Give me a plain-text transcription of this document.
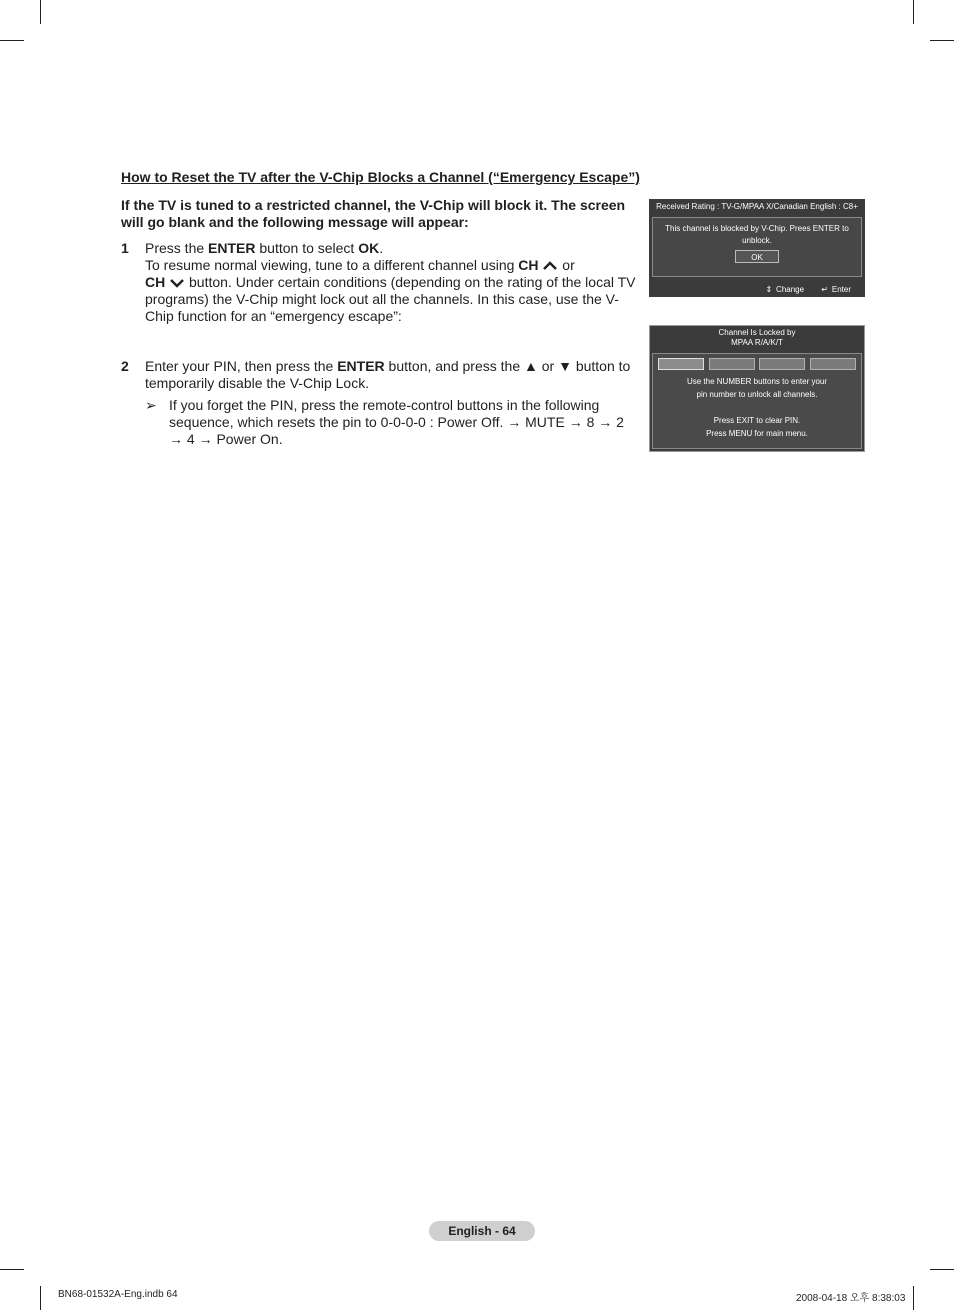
How to Reset the TV after the V-Chip Blocks a Channel (“Emergency Escape”)
If the TV is tuned to a restricted channel, the V-Chip will block it. The screen will go blank and the following message will appear:
1 Press the ENTER button to select OK.
To resume normal viewing, tune to a different channel using CH  or
CH  button. Under certain conditions (depending on the rating of the local TV programs) the V-Chip might lock out all the channels. In this case, use the V-Chip function for an “emergency escape”:
2 Enter your PIN, then press the ENTER button, and press the ▲ or ▼ button to temporarily disable the V-Chip Lock.
➢ If you forget the PIN, press the remote-control buttons in the following sequence, which resets the pin to 0-0-0-0 : Power Off. → MUTE → 8 → 2 → 4 → Power On.
Received Rating : TV-G/MPAA X/Canadian English : C8+
This channel is blocked by V-Chip. Prees ENTER to unblock.
OK
⇕ Change ↵ Enter
Channel Is Locked by
MPAA R/A/K/T
Use the NUMBER buttons to enter your
pin number to unlock all channels.

Press EXIT to clear PIN.
Press MENU for main menu.
English - 64
BN68-01532A-Eng.indb 64	2008-04-18 오후 8:38:03
